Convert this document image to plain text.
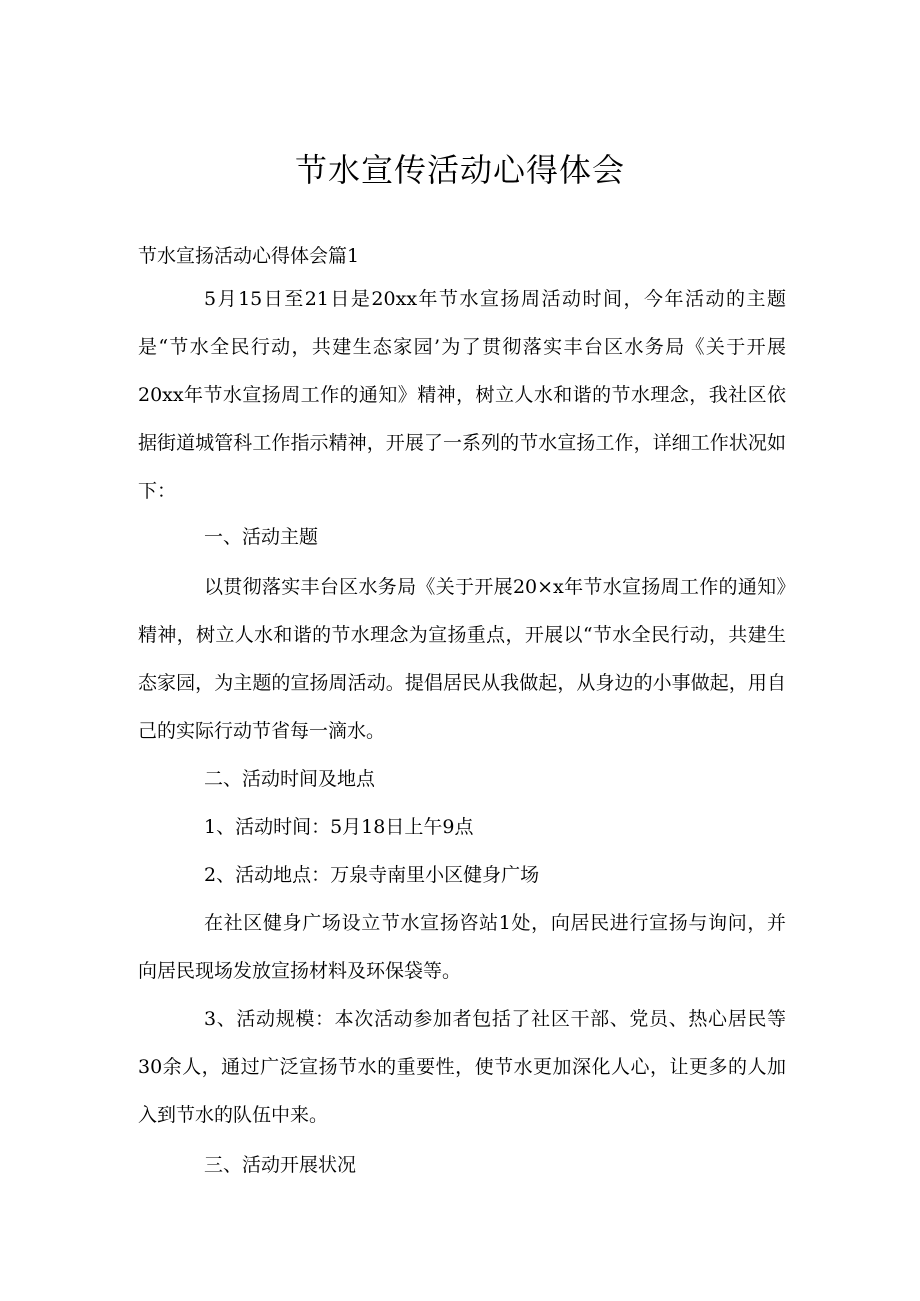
节水宣传活动心得体会

节水宣扬活动心得体会篇1

5月15日至21日是20xx年节水宣扬周活动时间，今年活动的主题是“节水全民行动，共建生态家园’为了贯彻落实丰台区水务局《关于开展20xx年节水宣扬周工作的通知》精神，树立人水和谐的节水理念，我社区依据街道城管科工作指示精神，开展了一系列的节水宣扬工作，详细工作状况如下：

一、活动主题

以贯彻落实丰台区水务局《关于开展20×x年节水宣扬周工作的通知》精神，树立人水和谐的节水理念为宣扬重点，开展以“节水全民行动，共建生态家园，为主题的宣扬周活动。提倡居民从我做起，从身边的小事做起，用自己的实际行动节省每一滴水。

二、活动时间及地点

1、活动时间：5月18日上午9点

2、活动地点：万泉寺南里小区健身广场

在社区健身广场设立节水宣扬咨站1处，向居民进行宣扬与询问，并向居民现场发放宣扬材料及环保袋等。

3、活动规模：本次活动参加者包括了社区干部、党员、热心居民等30余人，通过广泛宣扬节水的重要性，使节水更加深化人心，让更多的人加入到节水的队伍中来。

三、活动开展状况
